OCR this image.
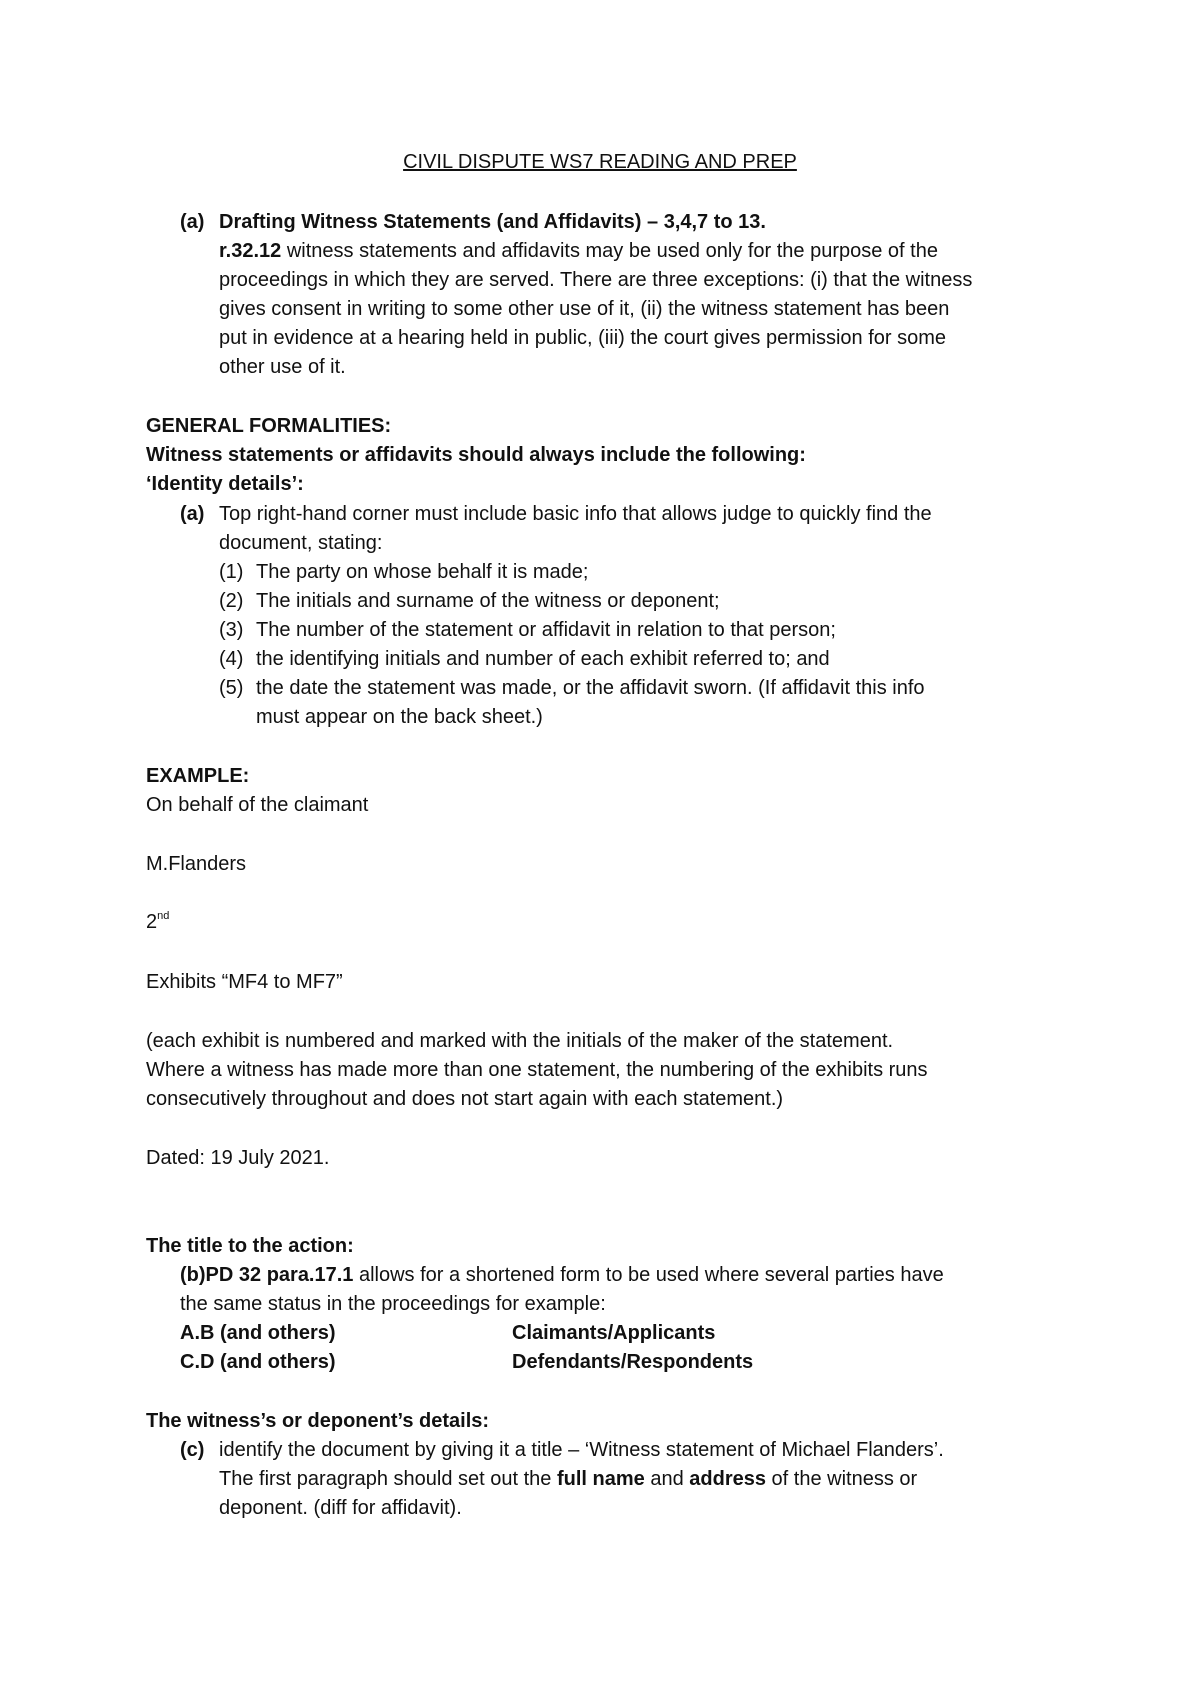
CIVIL DISPUTE WS7 READING AND PREP
(a) Drafting Witness Statements (and Affidavits) – 3,4,7 to 13.
r.32.12 witness statements and affidavits may be used only for the purpose of the
proceedings in which they are served. There are three exceptions: (i) that the witness
gives consent in writing to some other use of it, (ii) the witness statement has been
put in evidence at a hearing held in public, (iii) the court gives permission for some
other use of it.
GENERAL FORMALITIES:
Witness statements or affidavits should always include the following:
‘Identity details’:
(a) Top right-hand corner must include basic info that allows judge to quickly find the
document, stating:
(1) The party on whose behalf it is made;
(2) The initials and surname of the witness or deponent;
(3) The number of the statement or affidavit in relation to that person;
(4) the identifying initials and number of each exhibit referred to; and
(5) the date the statement was made, or the affidavit sworn. (If affidavit this info
must appear on the back sheet.)
EXAMPLE:
On behalf of the claimant
M.Flanders
2nd
Exhibits “MF4 to MF7”
(each exhibit is numbered and marked with the initials of the maker of the statement.
Where a witness has made more than one statement, the numbering of the exhibits runs
consecutively throughout and does not start again with each statement.)
Dated: 19 July 2021.
The title to the action:
(b)PD 32 para.17.1 allows for a shortened form to be used where several parties have
the same status in the proceedings for example:
A.B (and others)	Claimants/Applicants
C.D (and others)	Defendants/Respondents
The witness’s or deponent’s details:
(c) identify the document by giving it a title – ‘Witness statement of Michael Flanders’.
The first paragraph should set out the full name and address of the witness or
deponent. (diff for affidavit).
